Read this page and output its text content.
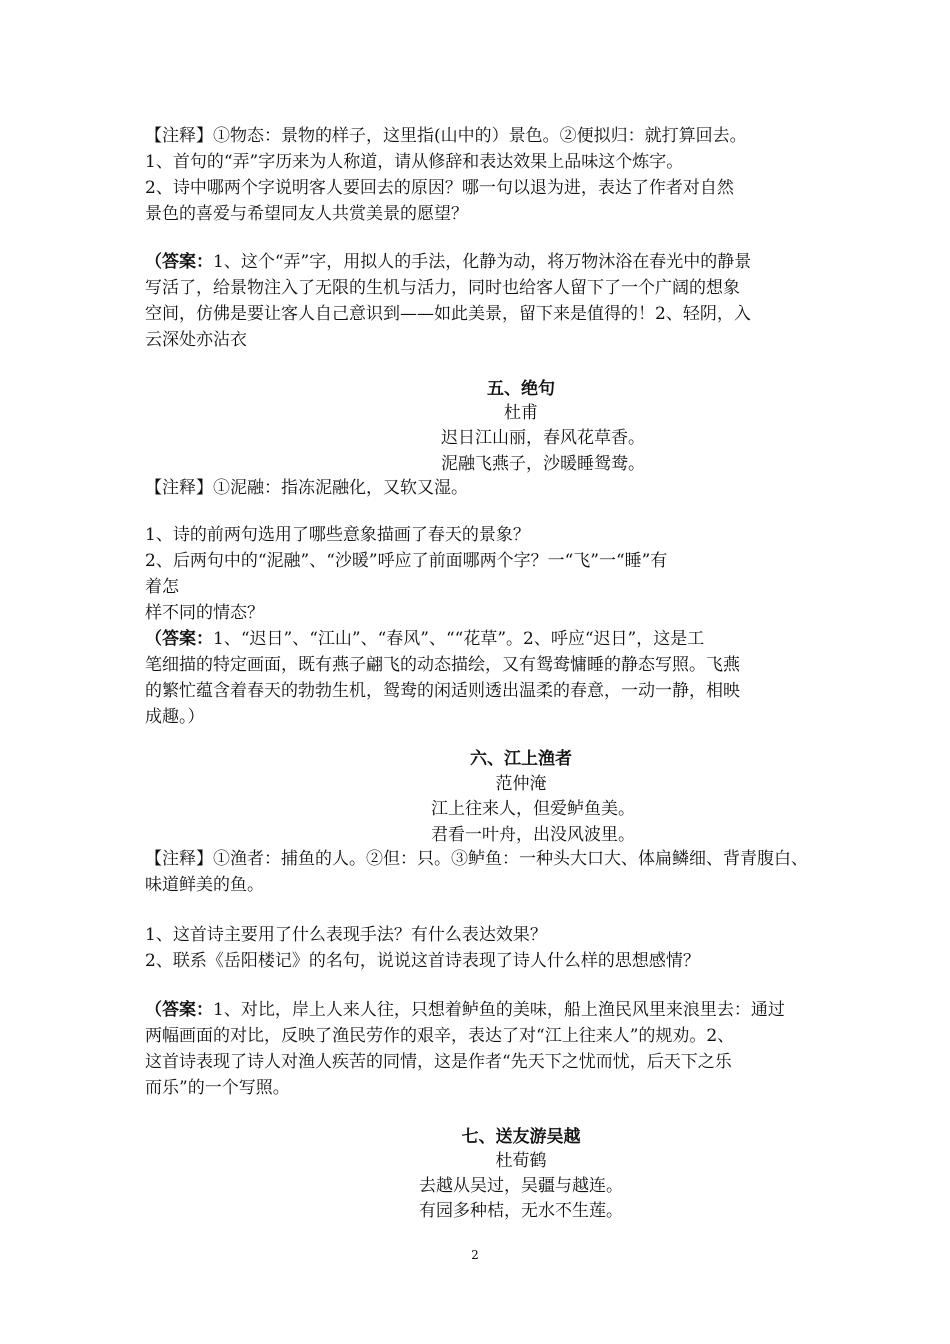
【注释】①物态：景物的样子，这里指(山中的）景色。②便拟归：就打算回去。
1、首句的“弄”字历来为人称道，请从修辞和表达效果上品味这个炼字。
2、诗中哪两个字说明客人要回去的原因？哪一句以退为进，表达了作者对自然
景色的喜爱与希望同友人共赏美景的愿望？
（答案：1、这个“弄”字，用拟人的手法，化静为动，将万物沐浴在春光中的静景
写活了，给景物注入了无限的生机与活力，同时也给客人留下了一个广阔的想象
空间，仿佛是要让客人自己意识到——如此美景，留下来是值得的！2、轻阴，入
云深处亦沾衣
五、绝句
杜甫
迟日江山丽，春风花草香。
泥融飞燕子，沙暖睡鸳鸯。
【注释】①泥融：指冻泥融化，又软又湿。
1、诗的前两句选用了哪些意象描画了春天的景象？
2、后两句中的“泥融”、“沙暖”呼应了前面哪两个字？一“飞”一“睡”有
着怎
样不同的情态？
（答案：1、“迟日”、“江山”、“春风”、““花草”。2、呼应“迟日”，这是工
笔细描的特定画面，既有燕子翩飞的动态描绘，又有鸳鸯慵睡的静态写照。飞燕
的繁忙蕴含着春天的勃勃生机，鸳鸯的闲适则透出温柔的春意，一动一静，相映
成趣。）
六、江上渔者
范仲淹
江上往来人，但爱鲈鱼美。
君看一叶舟，出没风波里。
【注释】①渔者：捕鱼的人。②但：只。③鲈鱼：一种头大口大、体扁鳞细、背青腹白、
味道鲜美的鱼。
1、这首诗主要用了什么表现手法？有什么表达效果？
2、联系《岳阳楼记》的名句，说说这首诗表现了诗人什么样的思想感情？
（答案：1、对比，岸上人来人往，只想着鲈鱼的美味，船上渔民风里来浪里去：通过
两幅画面的对比，反映了渔民劳作的艰辛，表达了对“江上往来人”的规劝。2、
这首诗表现了诗人对渔人疾苦的同情，这是作者“先天下之忧而忧，后天下之乐
而乐”的一个写照。
七、送友游吴越
杜荀鹤
去越从吴过，吴疆与越连。
有园多种桔，无水不生莲。
2
